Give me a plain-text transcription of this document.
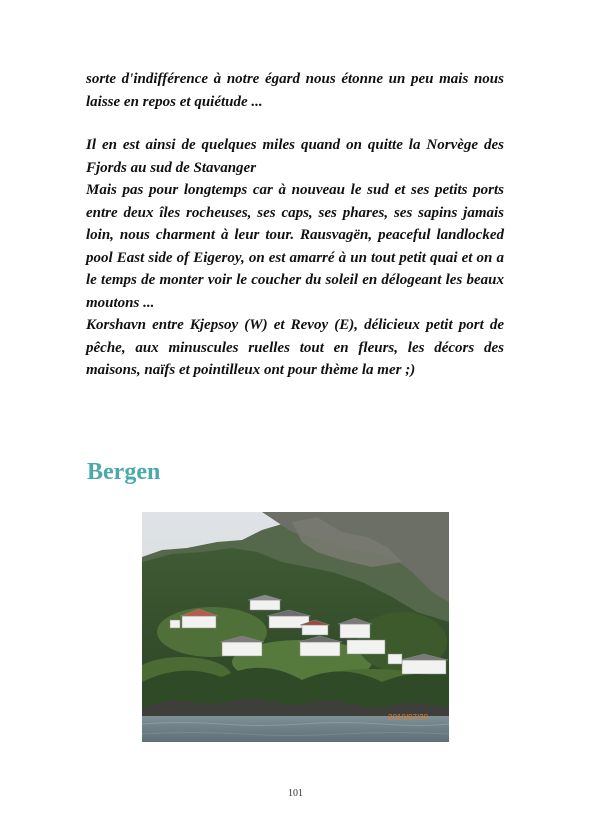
sorte d'indifférence à notre égard nous étonne un peu mais nous laisse en repos et quiétude ...

Il en est ainsi de quelques miles quand on quitte la Norvège des Fjords au sud de Stavanger

Mais pas pour longtemps car à nouveau le sud et ses petits ports entre deux îles rocheuses, ses caps, ses phares, ses sapins jamais loin, nous charment à leur tour. Rausvagën, peaceful landlocked pool East side of Eigeroy, on est amarré à un tout petit quai et on a le temps de monter voir le coucher du soleil en délogeant les beaux moutons ...

Korshavn entre Kjepsoy (W) et Revoy (E), délicieux petit port de pêche, aux minuscules ruelles tout en fleurs, les décors des maisons, naïfs et pointilleux ont pour thème la mer ;)

Bergen
2010/07/28
101
